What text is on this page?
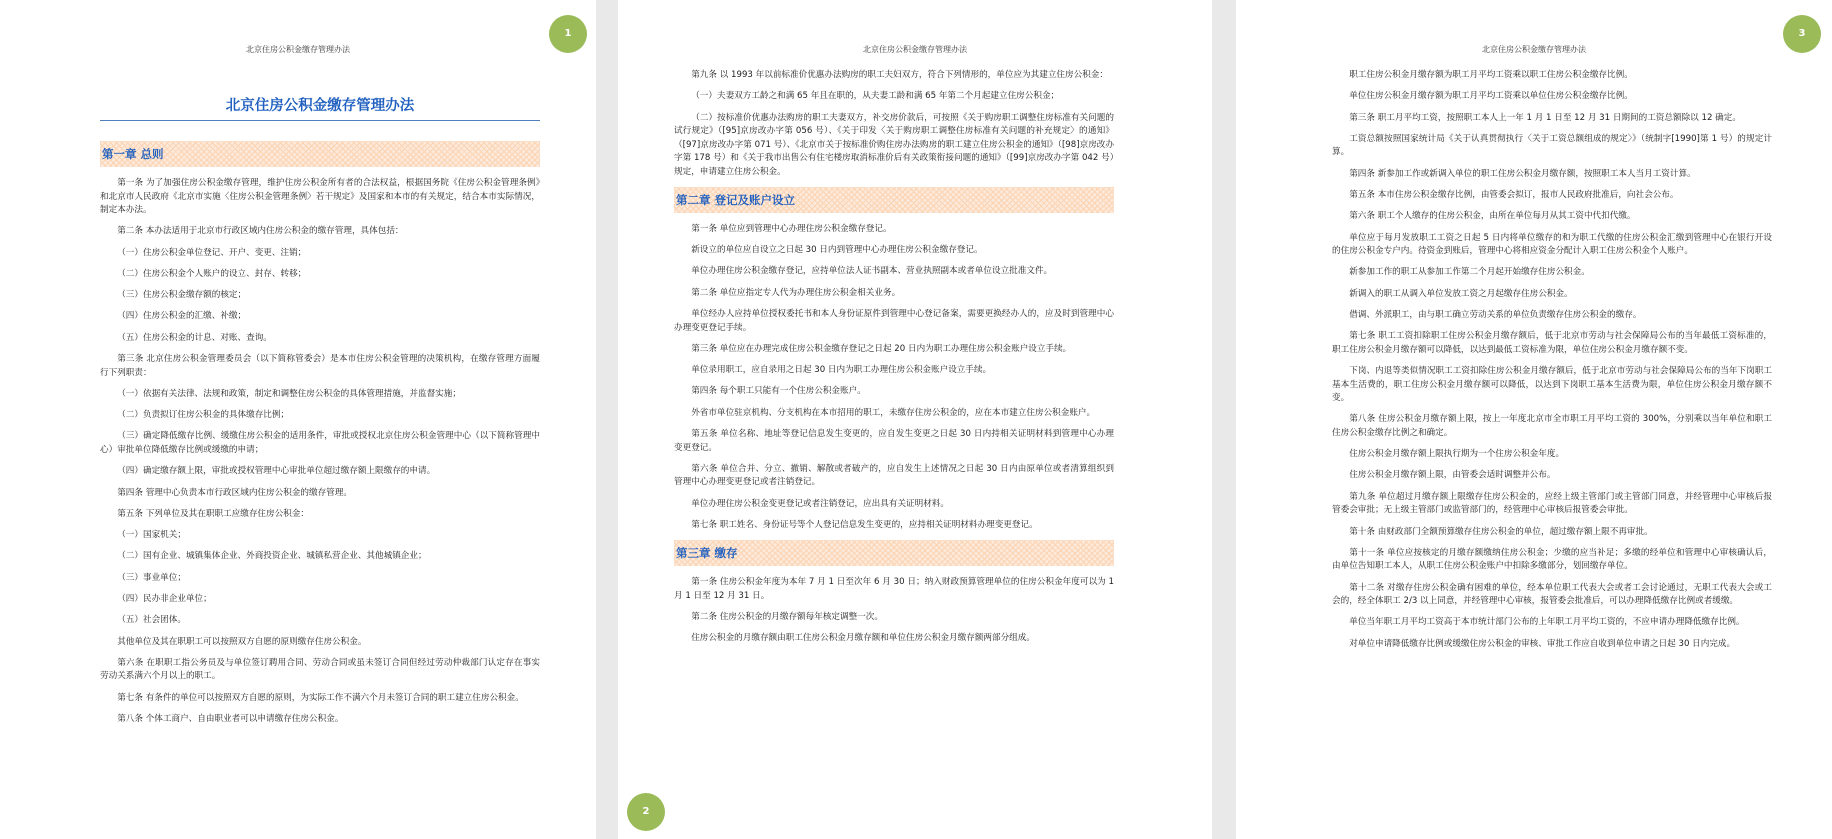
北京住房公积金缴存管理办法
1
北京住房公积金缴存管理办法
第一章 总则

第一条 为了加强住房公积金缴存管理，维护住房公积金所有者的合法权益，根据国务院《住房公积金管理条例》和北京市人民政府《北京市实施〈住房公积金管理条例〉若干规定》及国家和本市的有关规定，结合本市实际情况，制定本办法。

第二条 本办法适用于北京市行政区域内住房公积金的缴存管理，具体包括：

（一）住房公积金单位登记、开户、变更、注销；

（二）住房公积金个人账户的设立、封存、转移；

（三）住房公积金缴存额的核定；

（四）住房公积金的汇缴、补缴；

（五）住房公积金的计息、对账、查询。

第三条 北京住房公积金管理委员会（以下简称管委会）是本市住房公积金管理的决策机构，在缴存管理方面履行下列职责：

（一）依据有关法律、法规和政策，制定和调整住房公积金的具体管理措施，并监督实施；

（二）负责拟订住房公积金的具体缴存比例；

（三）确定降低缴存比例、缓缴住房公积金的适用条件，审批或授权北京住房公积金管理中心（以下简称管理中心）审批单位降低缴存比例或缓缴的申请；

（四）确定缴存额上限，审批或授权管理中心审批单位超过缴存额上限缴存的申请。

第四条 管理中心负责本市行政区域内住房公积金的缴存管理。

第五条 下列单位及其在职职工应缴存住房公积金：

（一）国家机关；

（二）国有企业、城镇集体企业、外商投资企业、城镇私营企业、其他城镇企业；

（三）事业单位；

（四）民办非企业单位；

（五）社会团体。

其他单位及其在职职工可以按照双方自愿的原则缴存住房公积金。

第六条 在职职工指公务员及与单位签订聘用合同、劳动合同或虽未签订合同但经过劳动仲裁部门认定存在事实劳动关系满六个月以上的职工。

第七条 有条件的单位可以按照双方自愿的原则，为实际工作不满六个月未签订合同的职工建立住房公积金。

第八条 个体工商户、自由职业者可以申请缴存住房公积金。

北京住房公积金缴存管理办法
2

第九条 以 1993 年以前标准价优惠办法购房的职工夫妇双方，符合下列情形的，单位应为其建立住房公积金：

（一）夫妻双方工龄之和满 65 年且在职的，从夫妻工龄和满 65 年第二个月起建立住房公积金；

（二）按标准价优惠办法购房的职工夫妻双方，补交房价款后，可按照《关于购房职工调整住房标准有关问题的试行规定》（[95]京房改办字第 056 号）、《关于印发〈关于购房职工调整住房标准有关问题的补充规定〉的通知》（[97]京房改办字第 071 号）、《北京市关于按标准价购住房办法购房的职工建立住房公积金的通知》（[98]京房改办字第 178 号）和《关于我市出售公有住宅楼房取消标准价后有关政策衔接问题的通知》（[99]京房改办字第 042 号）规定，申请建立住房公积金。

第二章 登记及账户设立

第一条 单位应到管理中心办理住房公积金缴存登记。

新设立的单位应自设立之日起 30 日内到管理中心办理住房公积金缴存登记。

单位办理住房公积金缴存登记，应持单位法人证书副本、营业执照副本或者单位设立批准文件。

第二条 单位应指定专人代为办理住房公积金相关业务。

单位经办人应持单位授权委托书和本人身份证原件到管理中心登记备案，需要更换经办人的，应及时到管理中心办理变更登记手续。

第三条 单位应在办理完成住房公积金缴存登记之日起 20 日内为职工办理住房公积金账户设立手续。

单位录用职工，应自录用之日起 30 日内为职工办理住房公积金账户设立手续。

第四条 每个职工只能有一个住房公积金账户。

外省市单位驻京机构、分支机构在本市招用的职工，未缴存住房公积金的，应在本市建立住房公积金账户。

第五条 单位名称、地址等登记信息发生变更的，应自发生变更之日起 30 日内持相关证明材料到管理中心办理变更登记。

第六条 单位合并、分立、撤销、解散或者破产的，应自发生上述情况之日起 30 日内由原单位或者清算组织到管理中心办理变更登记或者注销登记。

单位办理住房公积金变更登记或者注销登记，应出具有关证明材料。

第七条 职工姓名、身份证号等个人登记信息发生变更的，应持相关证明材料办理变更登记。

第三章 缴存

第一条 住房公积金年度为本年 7 月 1 日至次年 6 月 30 日；纳入财政预算管理单位的住房公积金年度可以为 1 月 1 日至 12 月 31 日。

第二条 住房公积金的月缴存额每年核定调整一次。

住房公积金的月缴存额由职工住房公积金月缴存额和单位住房公积金月缴存额两部分组成。

北京住房公积金缴存管理办法
3

职工住房公积金月缴存额为职工月平均工资乘以职工住房公积金缴存比例。

单位住房公积金月缴存额为职工月平均工资乘以单位住房公积金缴存比例。

第三条 职工月平均工资，按照职工本人上一年 1 月 1 日至 12 月 31 日期间的工资总额除以 12 确定。

工资总额按照国家统计局《关于认真贯彻执行〈关于工资总额组成的规定〉》（统制字[1990]第 1 号）的规定计算。

第四条 新参加工作或新调入单位的职工住房公积金月缴存额，按照职工本人当月工资计算。

第五条 本市住房公积金缴存比例，由管委会拟订，报市人民政府批准后，向社会公布。

第六条 职工个人缴存的住房公积金，由所在单位每月从其工资中代扣代缴。

单位应于每月发放职工工资之日起 5 日内将单位缴存的和为职工代缴的住房公积金汇缴到管理中心在银行开设的住房公积金专户内。待资金到账后，管理中心将相应资金分配计入职工住房公积金个人账户。

新参加工作的职工从参加工作第二个月起开始缴存住房公积金。

新调入的职工从调入单位发放工资之月起缴存住房公积金。

借调、外派职工，由与职工确立劳动关系的单位负责缴存住房公积金的缴存。

第七条 职工工资扣除职工住房公积金月缴存额后，低于北京市劳动与社会保障局公布的当年最低工资标准的，职工住房公积金月缴存额可以降低，以达到最低工资标准为限，单位住房公积金月缴存额不变。

下岗、内退等类似情况职工工资扣除住房公积金月缴存额后，低于北京市劳动与社会保障局公布的当年下岗职工基本生活费的，职工住房公积金月缴存额可以降低，以达到下岗职工基本生活费为限，单位住房公积金月缴存额不变。

第八条 住房公积金月缴存额上限，按上一年度北京市全市职工月平均工资的 300%，分别乘以当年单位和职工住房公积金缴存比例之和确定。

住房公积金月缴存额上限执行期为一个住房公积金年度。

住房公积金月缴存额上限，由管委会适时调整并公布。

第九条 单位超过月缴存额上限缴存住房公积金的，应经上级主管部门或主管部门同意，并经管理中心审核后报管委会审批；无上级主管部门或监管部门的，经管理中心审核后报管委会审批。

第十条 由财政部门全额预算缴存住房公积金的单位，超过缴存额上限不再审批。

第十一条 单位应按核定的月缴存额缴纳住房公积金；少缴的应当补足；多缴的经单位和管理中心审核确认后，由单位告知职工本人，从职工住房公积金账户中扣除多缴部分，划回缴存单位。

第十二条 对缴存住房公积金确有困难的单位，经本单位职工代表大会或者工会讨论通过，无职工代表大会或工会的，经全体职工 2/3 以上同意，并经管理中心审核，报管委会批准后，可以办理降低缴存比例或者缓缴。

单位当年职工月平均工资高于本市统计部门公布的上年职工月平均工资的，不应申请办理降低缴存比例。

对单位申请降低缴存比例或缓缴住房公积金的审核、审批工作应自收到单位申请之日起 30 日内完成。
